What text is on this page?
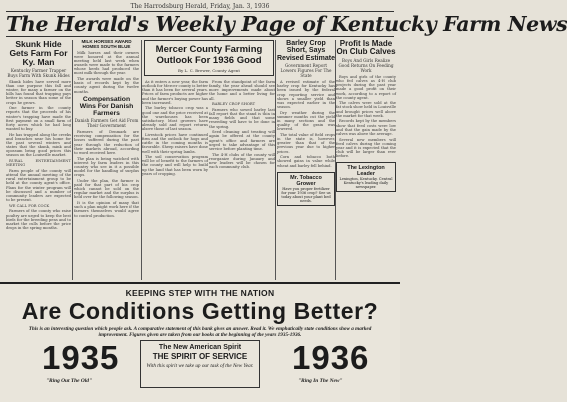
The Harrodsburg Herald, Friday, Jan. 3, 1936
The Herald's Weekly Page of Kentucky Farm News
Skunk Hide Gets Farm For Ky. Man
Kentucky Farmer Trapper Buys Farm With Skunk Hides

Skunk hides have served more than one purpose this fall and winter, for many a farmer on the hills has found that trapping pays better in season than some of the crops he grows.

One farmer in the county reports that the proceeds of his winter's trapping have made the first payment on a small farm of forty acres which he had long wanted to buy.

He has trapped along the creeks and branches near his home for the past several winters and states that the skunk, mink and opossum bring good prices this season on the Louisville market.

RURAL ENTERTAINMENT MEETING

Farm people of the county will attend the annual meeting of the rural entertainment group to be held at the county agent's office. Plans for the winter program will be discussed and a number of community leaders are expected to be present.

WE CALL FOR COCK

Farmers of the county who raise poultry are urged to keep the best birds for the breeding pens and to market the culls before the price drops in the spring months.

MILK HORSES AWARD
HOMES SOUTH BLUE

Milk horses and their owners were honored at the annual meeting held last week when awards were made to the farmers whose herds had produced the most milk through the year.

The awards were made on the basis of records kept by the county agent during the twelve months.

Compensation Wins For Danish Farmers
Danish Farmers Get Aid From Their Government

Farmers of Denmark are receiving compensation for the losses suffered during the past year through the reduction of their markets abroad, according to word received here.

The plan is being watched with interest by farm leaders in this country who see in it a possible model for the handling of surplus crops.

Under the plan, the farmer is paid for that part of his crop which cannot be sold on the regular market and the surplus is held over for the following season.

It is the opinion of many that such a plan might work here if the farmers themselves would agree to control production.

Mercer County Farming Outlook For 1936 Good
By L. C. Brewer, County Agent

As it enters a new year, the farm outlook for Mercer county is better than it has been for several years. Prices of farm products are higher and the farmer's buying power has been increased.

The burley tobacco crop was a good one and the price received at the warehouses has been satisfactory. Most growers have already sold and report returns above those of last season.

Livestock prices have continued firm and the outlook for hogs and cattle in the coming months is favorable. Sheep raisers have done well with their spring lambs.

The soil conservation program will be of benefit to the farmers of the county and will help to build up the land that has been worn by years of cropping.

From the standpoint of the farm family, the year ahead should see more improvements made about the home and a better living for all.

BARLEY CROP SHORT

Farmers who sowed barley last fall report that the stand is thin in many fields and that some reseeding will have to be done in the spring.

Seed cleaning and treating will again be offered at the county agent's office and farmers are urged to take advantage of this service before planting time.

The 4-H clubs of the county will reorganize during January and new leaders will be chosen for each community club.

Barley Crop Short, Says Revised Estimate
Government Report Lowers Figures For The State

A revised estimate of the barley crop for Kentucky has been issued by the federal crop reporting service and shows a smaller yield than was expected earlier in the season.

Dry weather during the summer months cut the yield in many sections and the quality of the grain was lowered.

The total value of field crops in the state is, however, greater than that of the previous year due to higher prices.

Corn and tobacco both showed gains in value while wheat and barley fell behind.

Mr. Tobacco Grower
Have you proper fertilizer for your 1936 crop? See us today about your plant bed needs.
Profit Is Made On Club Calves
Boys And Girls Realize Good Returns On Feeding Work

Boys and girls of the county who fed calves as 4-H club projects during the past year made a good profit on their work, according to a report of the county agent.

The calves were sold at the fat stock show held in Louisville and brought prices well above the market for that week.

Records kept by the members show that feed costs were low and that the gain made by the calves was above the average.

Several new members will feed calves during the coming year and it is expected that the club will be larger than ever before.

The Lexington Leader
Lexington, Kentucky. Central Kentucky's leading daily newspaper.
KEEPING STEP WITH THE NATION
Are Conditions Getting Better?
This is an interesting question which people ask. A comparative statement of this bank gives an answer. Read it. We emphatically state conditions show a marked improvement. Figures given are taken from our books at the beginning of the years 1935-1936.
1935	1936
"Ring Out The Old"	"Ring In The New"
The New American Spirit
THE SPIRIT OF SERVICE
With this spirit we take up our task of the New Year.
